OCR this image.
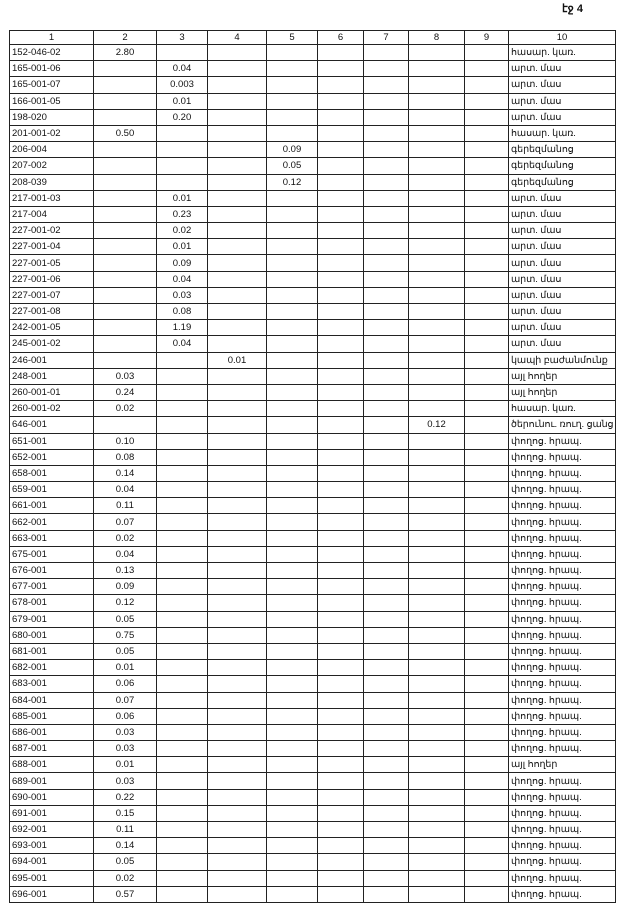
էջ 4
1	2	3	4	5	6	7	8	9	10
152-046-02	2.80								հասար. կառ.
165-001-06		0.04							արտ. մաս
165-001-07		0.003							արտ. մաս
166-001-05		0.01							արտ. մաս
198-020		0.20							արտ. մաս
201-001-02	0.50								հասար. կառ.
206-004				0.09					գերեզմանոց
207-002				0.05					գերեզմանոց
208-039				0.12					գերեզմանոց
217-001-03		0.01							արտ. մաս
217-004		0.23							արտ. մաս
227-001-02		0.02							արտ. մաս
227-001-04		0.01							արտ. մաս
227-001-05		0.09							արտ. մաս
227-001-06		0.04							արտ. մաս
227-001-07		0.03							արտ. մաս
227-001-08		0.08							արտ. մաս
242-001-05		1.19							արտ. մաս
245-001-02		0.04							արտ. մաս
246-001			0.01						կապի բաժանմունք
248-001	0.03								այլ հողեր
260-001-01	0.24								այլ հողեր
260-001-02	0.02								հասար. կառ.
646-001							0.12		ծերունու. ռուղ. ցանց
651-001	0.10								փողոց. հրապ.
652-001	0.08								փողոց. հրապ.
658-001	0.14								փողոց. հրապ.
659-001	0.04								փողոց. հրապ.
661-001	0.11								փողոց. հրապ.
662-001	0.07								փողոց. հրապ.
663-001	0.02								փողոց. հրապ.
675-001	0.04								փողոց. հրապ.
676-001	0.13								փողոց. հրապ.
677-001	0.09								փողոց. հրապ.
678-001	0.12								փողոց. հրապ.
679-001	0.05								փողոց. հրապ.
680-001	0.75								փողոց. հրապ.
681-001	0.05								փողոց. հրապ.
682-001	0.01								փողոց. հրապ.
683-001	0.06								փողոց. հրապ.
684-001	0.07								փողոց. հրապ.
685-001	0.06								փողոց. հրապ.
686-001	0.03								փողոց. հրապ.
687-001	0.03								փողոց. հրապ.
688-001	0.01								այլ հողեր
689-001	0.03								փողոց. հրապ.
690-001	0.22								փողոց. հրապ.
691-001	0.15								փողոց. հրապ.
692-001	0.11								փողոց. հրապ.
693-001	0.14								փողոց. հրապ.
694-001	0.05								փողոց. հրապ.
695-001	0.02								փողոց. հրապ.
696-001	0.57								փողոց. հրապ.
